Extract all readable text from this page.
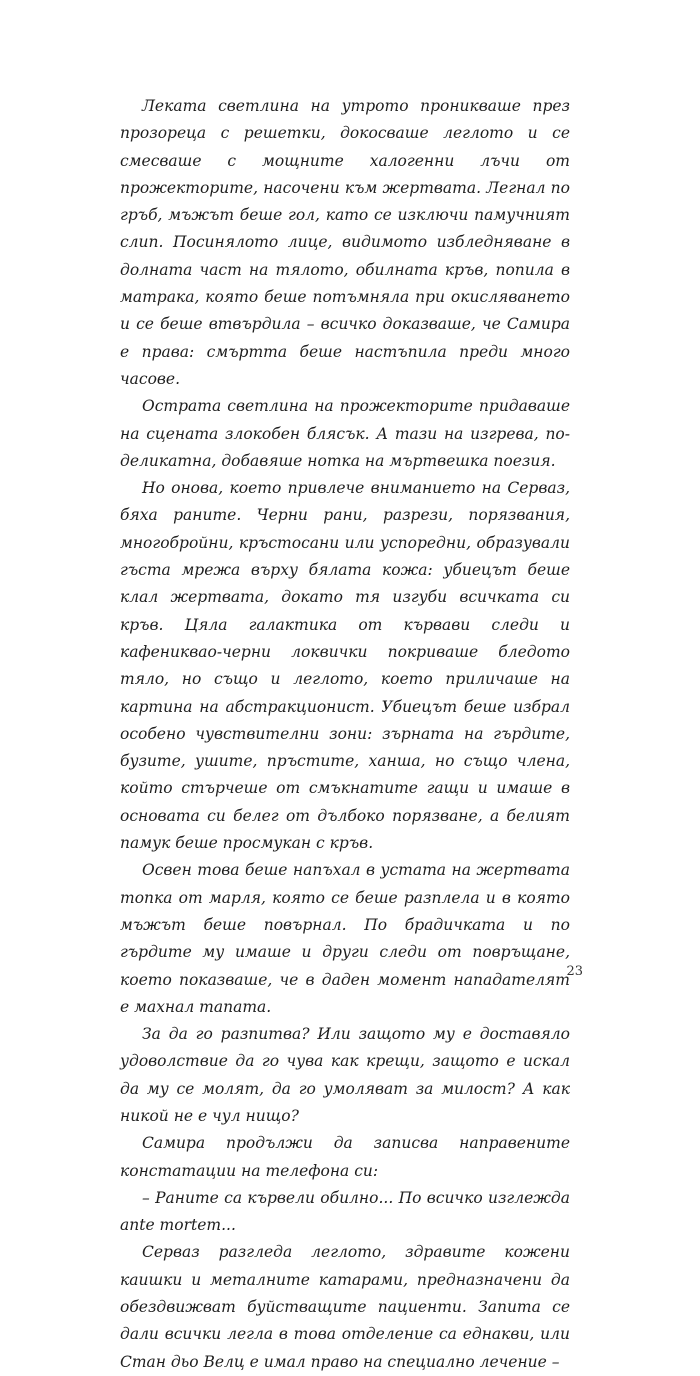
Леката светлина на утрото проникваше през прозореца с решетки, докосваше леглото и се смесваше с мощните халогенни лъчи от прожекторите, насочени към жертвата. Легнал по гръб, мъжът беше гол, като се изключи памучният слип. Посинялото лице, видимото избледняване в долната част на тялото, обилната кръв, попила в матрака, която беше потъмняла при окисляването и се беше втвърдила – всичко доказваше, че Самира е права: смъртта беше настъпила преди много часове.

Острата светлина на прожекторите придаваше на сцената злокобен блясък. А тази на изгрева, по-деликатна, добавяше нотка на мъртвешка поезия.

Но онова, което привлече вниманието на Серваз, бяха раните. Черни рани, разрези, порязвания, многобройни, кръстосани или успоредни, образували гъста мрежа върху бялата кожа: убиецът беше клал жертвата, докато тя изгуби всичката си кръв. Цяла галактика от кървави следи и кафениквао-черни локвички покриваше бледото тяло, но също и леглото, което приличаше на картина на абстракционист. Убиецът беше избрал особено чувствителни зони: зърната на гърдите, бузите, ушите, пръстите, ханша, но също члена, който стърчеше от смъкнатите гащи и имаше в основата си белег от дълбоко порязване, а белият памук беше просмукан с кръв.

Освен това беше напъхал в устата на жертвата топка от марля, която се беше разплела и в която мъжът беше повърнал. По брадичката и по гърдите му имаше и други следи от повръщане, което показваше, че в даден момент нападателят е махнал тапата.

За да го разпитва? Или защото му е доставяло удоволствие да го чува как крещи, защото е искал да му се молят, да го умоляват за милост? А как никой не е чул нищо?

Самира продължи да записва направените констатации на телефона си:

– Раните са кървели обилно... По всичко изглежда ante mortem...

Серваз разгледа леглото, здравите кожени каишки и металните катарами, предназначени да обездвижват буйстващите пациенти. Запита се дали всички легла в това отделение са еднакви, или Стан дьо Велц е имал право на специално лечение –

23
